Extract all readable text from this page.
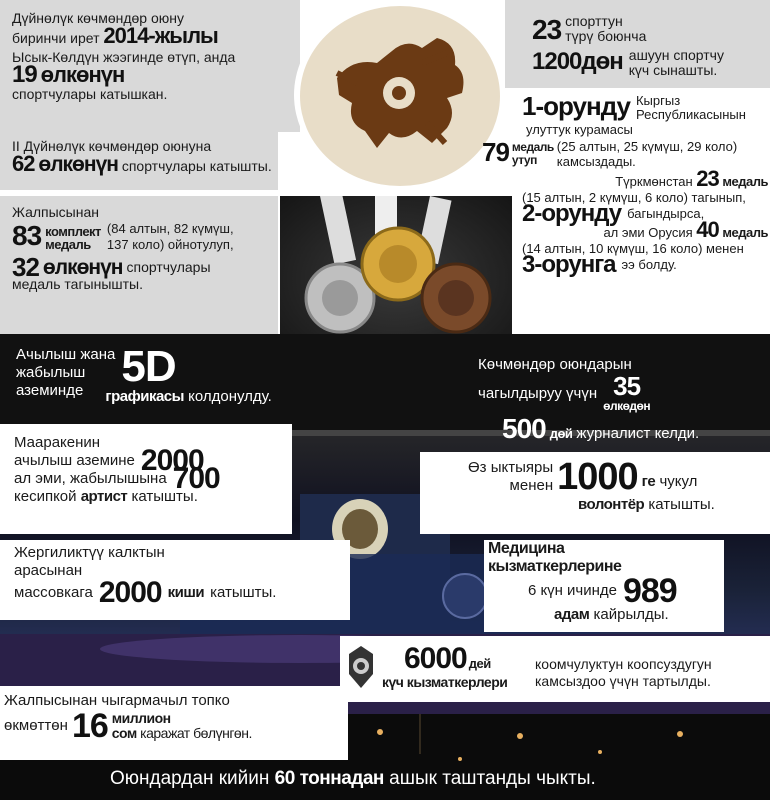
Дүйнөлүк көчмөндөр оюну
биринчи ирет 2014-жылы
Ысык-Көлдүн жээгинде өтүп, анда
19 өлкөнүн
спортчулары катышкан.
23 спорттун
түрү боюнча
1200дөн ашуун спортчу
күч сынашты.
II Дүйнөлүк көчмөндөр оюнуна
62 өлкөнүн спортчулары катышты.
Жалпысынан
83 комплект
медаль
(84 алтын, 82 күмүш,
137 коло) ойнотулуп,
32 өлкөнүн спортчулары
медаль тагынышты.
1-орунду Кыргыз
Республикасынын
улуттук курамасы
79 медаль
утуп
(25 алтын, 25 күмүш, 29 коло)
камсыздады.
Түркмөнстан 23 медаль
(15 алтын, 2 күмүш, 6 коло) тагынып,
2-орунду багындырса,
ал эми Орусия 40 медаль
(14 алтын, 10 күмүш, 16 коло) менен
3-орунга ээ болду.
Ачылыш жана
жабылыш
аземинде 5D
графикасы колдонулду.
Көчмөндөр оюндарын
чагылдыруу үчүн 35
өлкөдөн
500 дөй журналист келди.
Мааракенин
ачылыш аземине 2000
ал эми, жабылышына 700
кесипкой артист катышты.
Өз ыктыяры
менен 1000 ге чукул
волонтёр катышты.
Жергиликтүү калктын
арасынан
массовкага 2000 киши катышты.
Медицина
кызматкерлерине
6 күн ичинде 989
адам кайрылды.
6000 дей
күч кызматкерлери
коомчулуктун коопсуздугун
камсыздоо үчүн тартылды.
Жалпысынан чыгармачыл топко
өкмөттөн 16 миллион
сом каражат бөлүнгөн.
Оюндардан кийин 60 тоннадан ашык таштанды чыкты.
